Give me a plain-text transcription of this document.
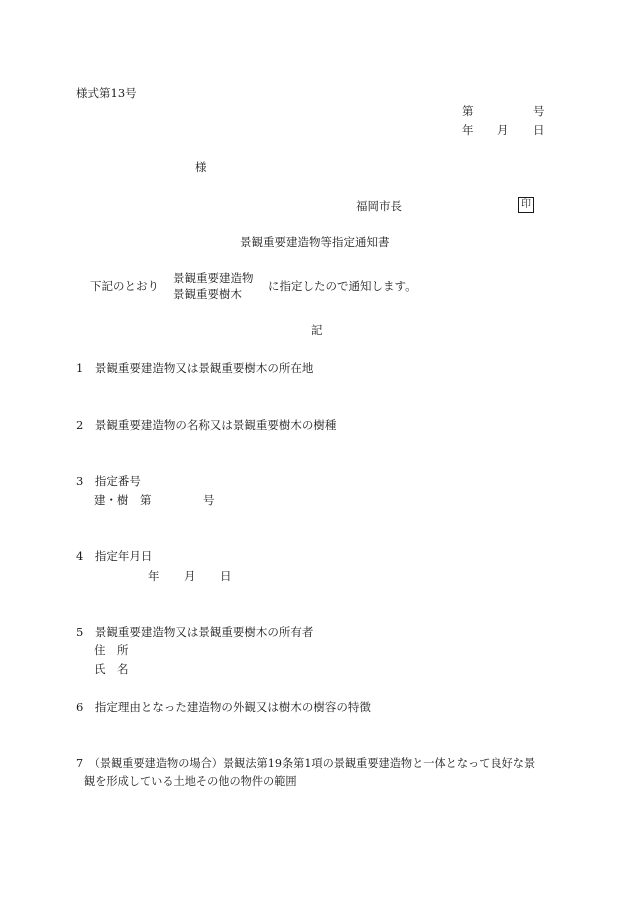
様式第13号
第	号
年 月 日
様
福岡市長	印
景観重要建造物等指定通知書
下記のとおり
景観重要建造物
景観重要樹木
に指定したので通知します。
記
1　景観重要建造物又は景観重要樹木の所在地
2　景観重要建造物の名称又は景観重要樹木の樹種
3　指定番号
建・樹　第	号
4　指定年月日
年 月 日
5　景観重要建造物又は景観重要樹木の所有者
住　所
氏　名
6　指定理由となった建造物の外観又は樹木の樹容の特徴
7　（景観重要建造物の場合）景観法第19条第1項の景観重要建造物と一体となって良好な景
観を形成している土地その他の物件の範囲
